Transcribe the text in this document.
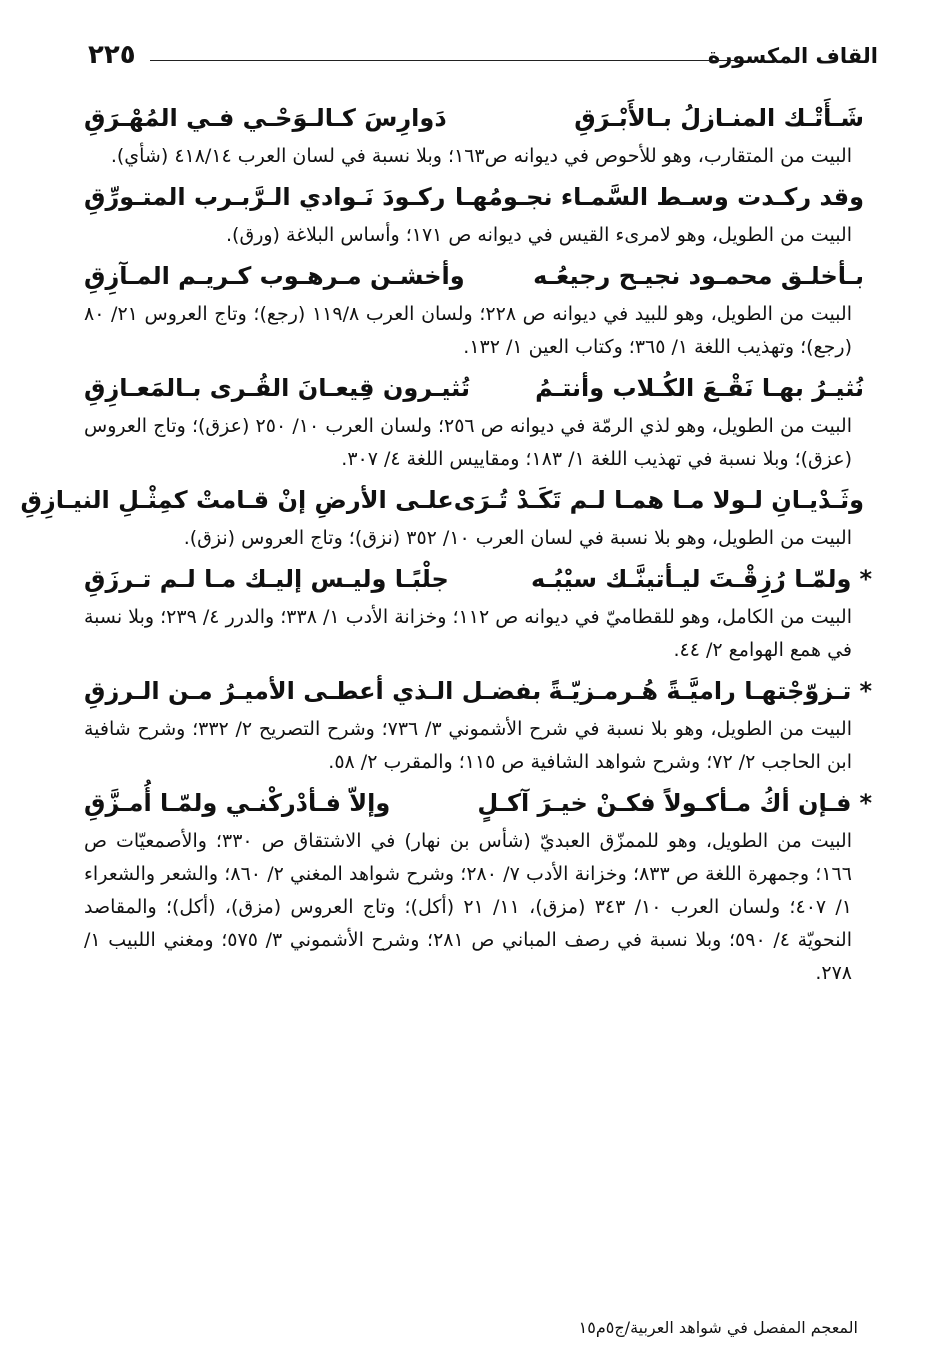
القاف المكسورة
٢٢٥
شَـأَتْـك المنـازلُ بـالأَبْـرَقِ
دَوارِسَ كـالـوَحْـي فـي المُهْـرَقِ

البيت من المتقارب، وهو للأحوص في ديوانه ص١٦٣؛ وبلا نسبة في لسان العرب ٤١٨/١٤ (شأي).

وقد ركـدت وسـط السَّمـاء نجـومُهـا
ركـودَ نَـوادي الـرَّبـرب المتـورِّقِ

البيت من الطويل، وهو لامرىء القيس في ديوانه ص ١٧١؛ وأساس البلاغة (ورق).

بـأخلـق محمـود نجيـح رجيعُـه
وأخشـن مـرهـوب كـريـم المـآزِقِ

البيت من الطويل، وهو للبيد في ديوانه ص ٢٢٨؛ ولسان العرب ١١٩/٨ (رجع)؛ وتاج العروس ٢١/ ٨٠ (رجع)؛ وتهذيب اللغة ١/ ٣٦٥؛ وكتاب العين ١/ ١٣٢.

نُثيـرُ بهـا نَقْـعَ الكُـلاب وأنتـمُ
تُثيـرون قِيعـانَ القُـرى بـالمَعـازِقِ

البيت من الطويل، وهو لذي الرمّة في ديوانه ص ٢٥٦؛ ولسان العرب ١٠/ ٢٥٠ (عزق)؛ وتاج العروس (عزق)؛ وبلا نسبة في تهذيب اللغة ١/ ١٨٣؛ ومقاييس اللغة ٤/ ٣٠٧.

وثَـدْيـانِ لـولا مـا همـا لـم تَكَـدْ تُـرَى
علـى الأرضِ إنْ قـامتْ كمِثْـلِ النيـازِقِ

البيت من الطويل، وهو بلا نسبة في لسان العرب ١٠/ ٣٥٢ (نزق)؛ وتاج العروس (نزق).

*ولمّـا رُزِقْـتَ ليـأتينَّـك سيْبُـه
جلْبًـا وليـس إليـك مـا لـم تـرزَقِ

البيت من الكامل، وهو للقطاميّ في ديوانه ص ١١٢؛ وخزانة الأدب ١/ ٣٣٨؛ والدرر ٤/ ٢٣٩؛ وبلا نسبة في همع الهوامع ٢/ ٤٤.

*تـزوّجْتهـا راميَّـةً هُـرمـزيّـةً
بفضـل الـذي أعطـى الأميـرُ مـن الـرزقِ

البيت من الطويل، وهو بلا نسبة في شرح الأشموني ٣/ ٧٣٦؛ وشرح التصريح ٢/ ٣٣٢؛ وشرح شافية ابن الحاجب ٢/ ٧٢؛ وشرح شواهد الشافية ص ١١٥؛ والمقرب ٢/ ٥٨.

*فـإن أكُ مـأكـولاً فكـنْ خيـرَ آكـلٍ
وإلاّ فـأدْركْنـي ولمّـا أُمـزَّقِ

البيت من الطويل، وهو للممزّق العبديّ (شأس بن نهار) في الاشتقاق ص ٣٣٠؛ والأصمعيّات ص ١٦٦؛ وجمهرة اللغة ص ٨٣٣؛ وخزانة الأدب ٧/ ٢٨٠؛ وشرح شواهد المغني ٢/ ٨٦٠؛ والشعر والشعراء ١/ ٤٠٧؛ ولسان العرب ١٠/ ٣٤٣ (مزق)، ١١/ ٢١ (أكل)؛ وتاج العروس (مزق)، (أكل)؛ والمقاصد النحويّة ٤/ ٥٩٠؛ وبلا نسبة في رصف المباني ص ٢٨١؛ وشرح الأشموني ٣/ ٥٧٥؛ ومغني اللبيب ١/ ٢٧٨.

المعجم المفصل في شواهد العربية/ج٥م١٥
